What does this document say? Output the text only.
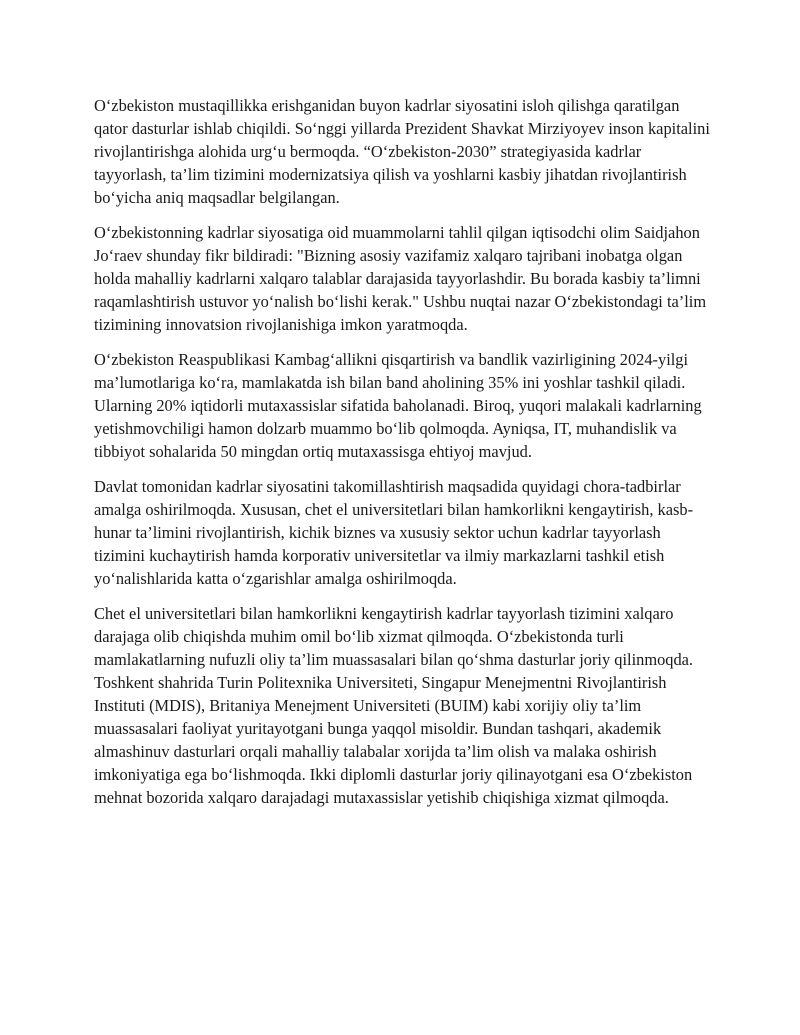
O‘zbekiston mustaqillikka erishganidan buyon kadrlar siyosatini isloh qilishga qaratilgan qator dasturlar ishlab chiqildi. So‘nggi yillarda Prezident Shavkat Mirziyoyev inson kapitalini rivojlantirishga alohida urg‘u bermoqda. “O‘zbekiston-2030” strategiyasida kadrlar tayyorlash, ta’lim tizimini modernizatsiya qilish va yoshlarni kasbiy jihatdan rivojlantirish bo‘yicha aniq maqsadlar belgilangan.

O‘zbekistonning kadrlar siyosatiga oid muammolarni tahlil qilgan iqtisodchi olim Saidjahon Jo‘raev shunday fikr bildiradi: "Bizning asosiy vazifamiz xalqaro tajribani inobatga olgan holda mahalliy kadrlarni xalqaro talablar darajasida tayyorlashdir. Bu borada kasbiy ta’limni raqamlashtirish ustuvor yo‘nalish bo‘lishi kerak." Ushbu nuqtai nazar O‘zbekistondagi ta’lim tizimining innovatsion rivojlanishiga imkon yaratmoqda.

O‘zbekiston Reaspublikasi Kambag‘allikni qisqartirish va bandlik vazirligining 2024-yilgi ma’lumotlariga ko‘ra, mamlakatda ish bilan band aholining 35% ini yoshlar tashkil qiladi. Ularning 20% iqtidorli mutaxassislar sifatida baholanadi. Biroq, yuqori malakali kadrlarning yetishmovchiligi hamon dolzarb muammo bo‘lib qolmoqda. Ayniqsa, IT, muhandislik va tibbiyot sohalarida 50 mingdan ortiq mutaxassisga ehtiyoj mavjud.

Davlat tomonidan kadrlar siyosatini takomillashtirish maqsadida quyidagi chora-tadbirlar amalga oshirilmoqda. Xususan, chet el universitetlari bilan hamkorlikni kengaytirish, kasb-hunar ta’limini rivojlantirish, kichik biznes va xususiy sektor uchun kadrlar tayyorlash tizimini kuchaytirish hamda korporativ universitetlar va ilmiy markazlarni tashkil etish yo‘nalishlarida katta o‘zgarishlar amalga oshirilmoqda.

Chet el universitetlari bilan hamkorlikni kengaytirish kadrlar tayyorlash tizimini xalqaro darajaga olib chiqishda muhim omil bo‘lib xizmat qilmoqda. O‘zbekistonda turli mamlakatlarning nufuzli oliy ta’lim muassasalari bilan qo‘shma dasturlar joriy qilinmoqda. Toshkent shahrida Turin Politexnika Universiteti, Singapur Menejmentni Rivojlantirish Instituti (MDIS), Britaniya Menejment Universiteti (BUIM) kabi xorijiy oliy ta’lim muassasalari faoliyat yuritayotgani bunga yaqqol misoldir. Bundan tashqari, akademik almashinuv dasturlari orqali mahalliy talabalar xorijda ta’lim olish va malaka oshirish imkoniyatiga ega bo‘lishmoqda. Ikki diplomli dasturlar joriy qilinayotgani esa O‘zbekiston mehnat bozorida xalqaro darajadagi mutaxassislar yetishib chiqishiga xizmat qilmoqda.
